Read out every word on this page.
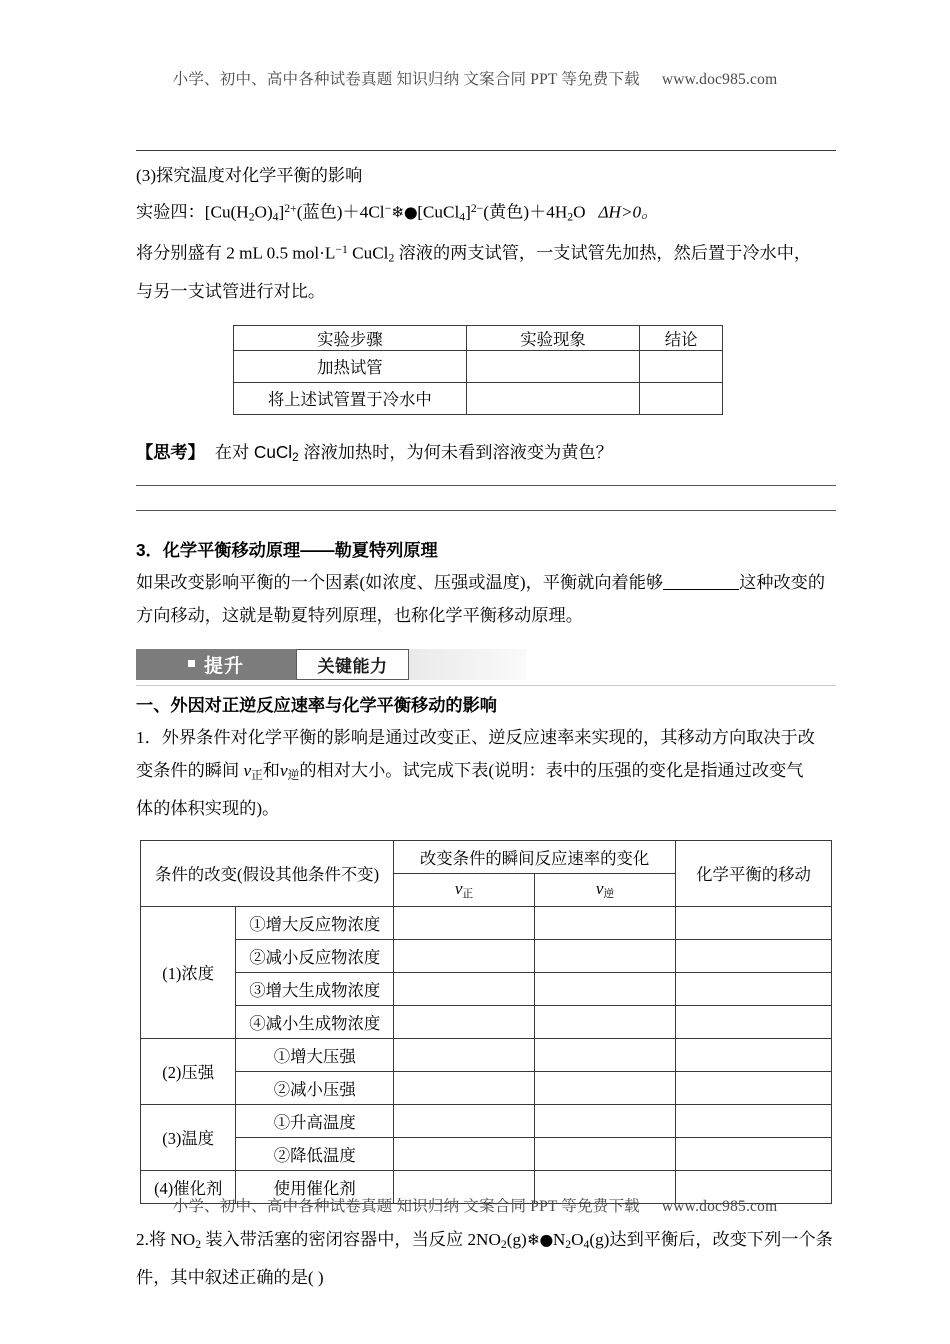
小学、初中、高中各种试卷真题 知识归纳 文案合同 PPT 等免费下载 www.doc985.com

(3)探究温度对化学平衡的影响

实验四：$[Cu(H_2O)_4]^{2+}$(蓝色)＋4Cl−❄●[CuCl$_4$]$^{2-}$(黄色)$+4H_2O$ ΔH>0。

将分别盛有 2 mL 0.5 $mol\cdot L^{-1}$ CuCl$_2$ 溶液的两支试管，一支试管先加热，然后置于冷水中，

与另一支试管进行对比。

实验步骤	实验现象	结论
加热试管		
将上述试管置于冷水中		
【思考】 在对 CuCl$_2$ 溶液加热时，为何未看到溶液变为黄色？
3．化学平衡移动原理——勒夏特列原理

如果改变影响平衡的一个因素(如浓度、压强或温度)，平衡就向着能够	这种改变的

方向移动，这就是勒夏特列原理，也称化学平衡移动原理。

提升	关键能力
一、外因对正逆反应速率与化学平衡移动的影响

1．外界条件对化学平衡的影响是通过改变正、逆反应速率来实现的，其移动方向取决于改

变条件的瞬间 $v_正$和$v_逆$的相对大小。试完成下表(说明：表中的压强的变化是指通过改变气

体的体积实现的)。

条件的改变(假设其他条件不变)		改变条件的瞬间反应速率的变化		化学平衡的移动
		$v_正$	$v_逆$
(1)浓度	①增大反应物浓度			
	②减小反应物浓度			
	③增大生成物浓度			
	④减小生成物浓度			
(2)压强	①增大压强			
	②减小压强			
(3)温度	①升高温度			
	②降低温度			
(4)催化剂	使用催化剂			

2.将 $NO_2$ 装入带活塞的密闭容器中，当反应 $2NO_2(g)❄●N_2O_4(g)$达到平衡后，改变下列一个条

件，其中叙述正确的是( )

小学、初中、高中各种试卷真题 知识归纳 文案合同 PPT 等免费下载 www.doc985.com
